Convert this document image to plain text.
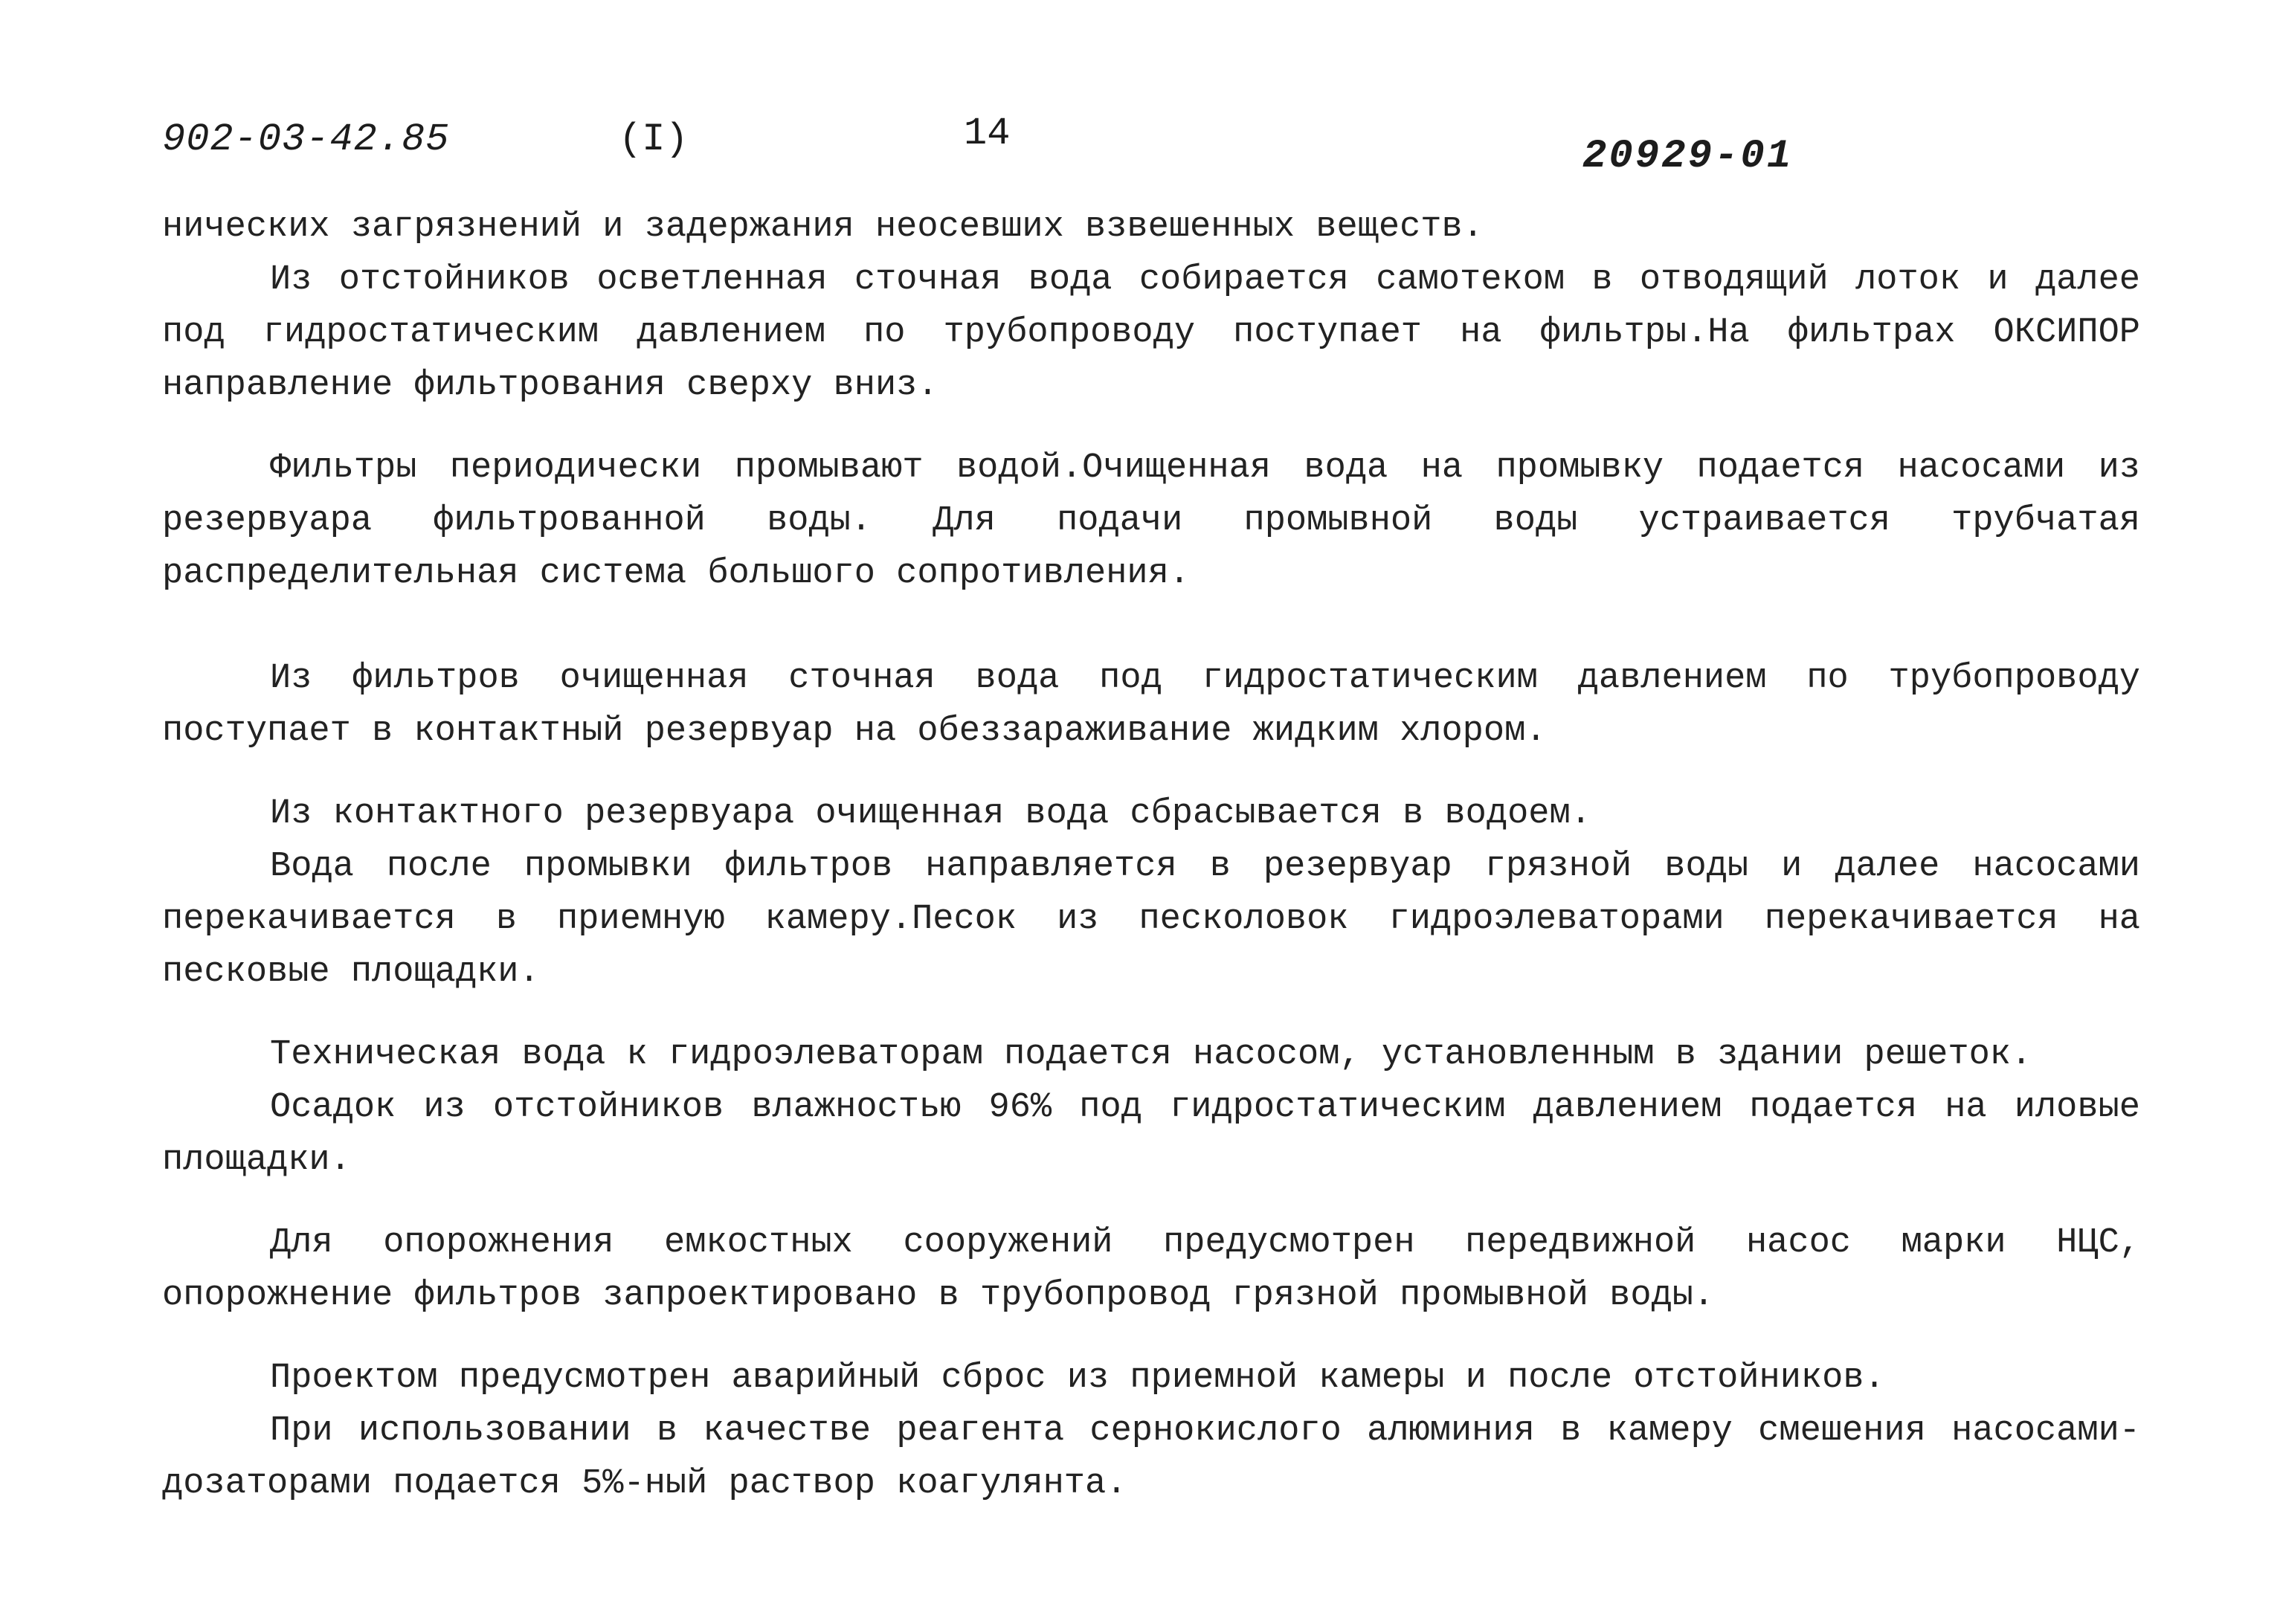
902-03-42.85	(I)	14
20929-01

нических загрязнений и задержания неосевших взвешенных веществ.

Из отстойников осветленная сточная вода собирается самотеком в отводящий лоток и далее под гидростатическим давлением по трубопроводу поступает на фильтры.На фильтрах ОКСИПОР направление фильтрования сверху вниз.

Фильтры периодически промывают водой.Очищенная вода на промывку подается насосами из резервуара фильтрованной воды. Для подачи промывной воды устраивается трубчатая распределительная система большого сопротивления.

Из фильтров очищенная сточная вода под гидростатическим давлением по трубопроводу поступает в контактный резервуар на обеззараживание жидким хлором.

Из контактного резервуара очищенная вода сбрасывается в водоем.

Вода после промывки фильтров направляется в резервуар грязной воды и далее насосами перекачивается в приемную камеру.Песок из песколовок гидроэлеваторами перекачивается на песковые площадки.

Техническая вода к гидроэлеваторам подается насосом, установленным в здании решеток.

Осадок из отстойников влажностью 96% под гидростатическим давлением подается на иловые площадки.

Для опорожнения емкостных сооружений предусмотрен передвижной насос марки НЦС, опорожнение фильтров запроектировано в трубопровод грязной промывной воды.

Проектом предусмотрен аварийный сброс из приемной камеры и после отстойников.

При использовании в качестве реагента сернокислого алюминия в камеру смешения насосами-дозаторами подается 5%-ный раствор коагулянта.
